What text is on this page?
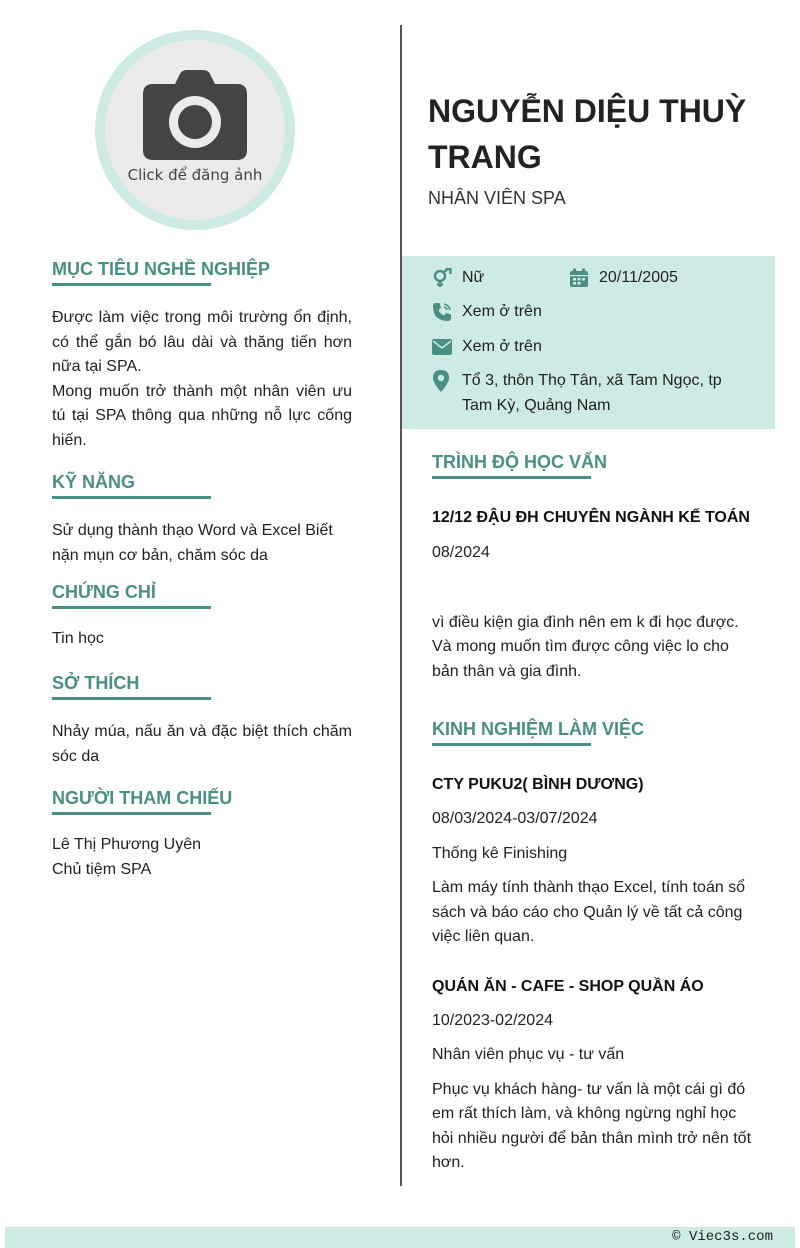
Click để đăng ảnh
MỤC TIÊU NGHỀ NGHIỆP

Được làm việc trong môi trường ổn định, có thể gắn bó lâu dài và thăng tiến hơn nữa tại SPA.

Mong muốn trở thành một nhân viên ưu tú tại SPA thông qua những nỗ lực cống hiến.

KỸ NĂNG
Sử dụng thành thạo Word và Excel Biết nặn mụn cơ bản, chăm sóc da
CHỨNG CHỈ
Tin học
SỞ THÍCH
Nhảy múa, nấu ăn và đặc biệt thích chăm sóc da
NGƯỜI THAM CHIẾU

Lê Thị Phương Uyên

Chủ tiệm SPA

NGUYỄN DIỆU THUỲ TRANG
NHÂN VIÊN SPA
Nữ	20/11/2005
Xem ở trên
Xem ở trên
Tổ 3, thôn Thọ Tân, xã Tam Ngọc, tp Tam Kỳ, Quảng Nam
TRÌNH ĐỘ HỌC VẤN
12/12 ĐẬU ĐH CHUYÊN NGÀNH KẾ TOÁN
08/2024
vì điều kiện gia đình nên em k đi học được. Và mong muốn tìm được công việc lo cho bản thân và gia đình.
KINH NGHIỆM LÀM VIỆC
CTY PUKU2( BÌNH DƯƠNG)
08/03/2024-03/07/2024
Thống kê Finishing
Làm máy tính thành thạo Excel, tính toán sổ sách và báo cáo cho Quản lý về tất cả công việc liên quan.
QUÁN ĂN - CAFE - SHOP QUẦN ÁO
10/2023-02/2024
Nhân viên phục vụ - tư vấn
Phục vụ khách hàng- tư vấn là một cái gì đó em rất thích làm, và không ngừng nghỉ học hỏi nhiều người để bản thân mình trở nên tốt hơn.
© Viec3s.com
